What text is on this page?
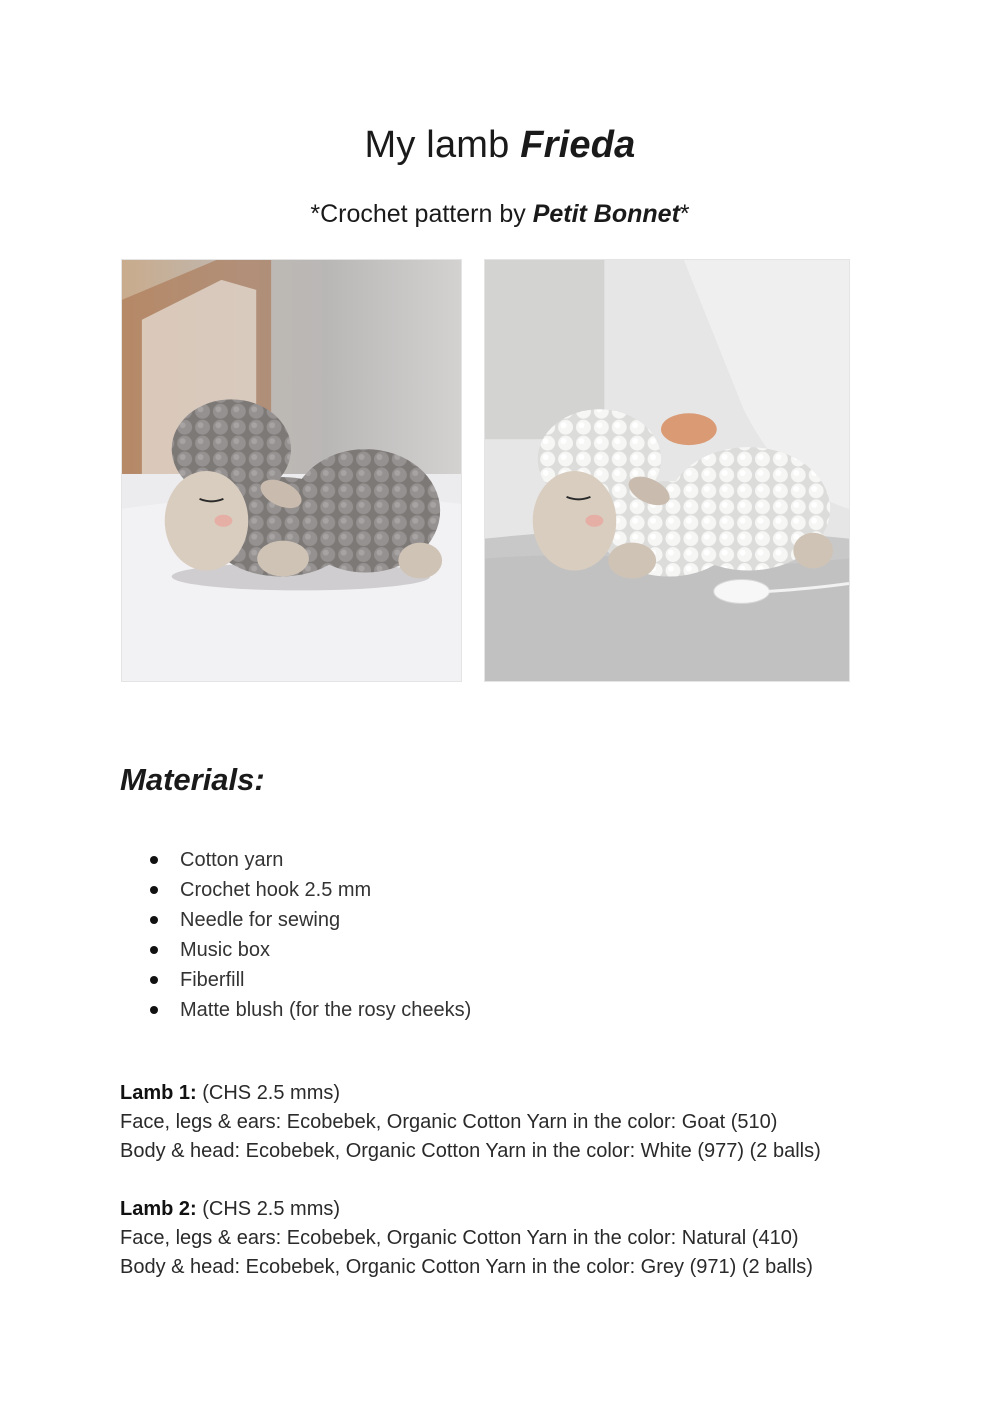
My lamb Frieda

*Crochet pattern by Petit Bonnet*

Materials:
Cotton yarn
Crochet hook 2.5 mm
Needle for sewing
Music box
Fiberfill
Matte blush (for the rosy cheeks)
Lamb 1: (CHS 2.5 mms)
Face, legs & ears: Ecobebek, Organic Cotton Yarn in the color: Goat (510)
Body & head: Ecobebek, Organic Cotton Yarn in the color: White (977) (2 balls)
Lamb 2: (CHS 2.5 mms)
Face, legs & ears: Ecobebek, Organic Cotton Yarn in the color: Natural (410)
Body & head: Ecobebek, Organic Cotton Yarn in the color: Grey (971) (2 balls)
